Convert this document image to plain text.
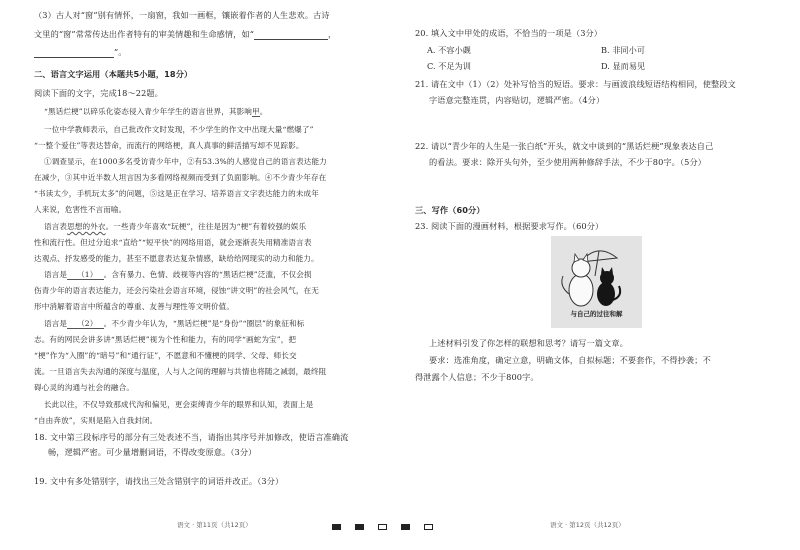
（3）古人对“窗”别有情怀，一扇窗，我如一画框，镶嵌着作者的人生悲欢。古诗
文里的“窗”常常传达出作者特有的审美情趣和生命感情，如“	，
”。
二、语言文字运用（本题共5小题，18分）
阅读下面的文字，完成18～22题。
“黑话烂梗”以碎乐化姿态侵入青少年学生的语言世界，其影响甲。
一位中学教师表示，自己批改作文时发现，不少学生的作文中出现大量“燃爆了”
“一整个爱住”等表达替命，而流行的网络梗，真人真事的鲜活描写却不见踪影。
①调查显示，在1000多名受访青少年中，②有53.3%的人感觉自己的语言表达能力
在减少，③其中近半数人坦言因为多看网络视频而受到了负面影响。④不少青少年存在
“书读太少，手机玩太多”的问题，⑤这是正在学习、培养语言文字表达能力的未成年
人来说，危害性不言而喻。
语言表思想的外衣。一些青少年喜欢“玩梗”，往往是因为“梗”有着较强的娱乐
性和流行性。但过分追求“直给”“短平快”的网络用语，就会逐渐丧失用精准语言表
达观点、抒发感受的能力，甚至不愿意表达复杂情感，缺给给网现实的动力和能力。
语言是 （1） 。含有暴力、色情、歧视等内容的“黑话烂梗”泛滥，不仅会损
伤青少年的语言表达能力，还会污染社会语言环境，侵蚀“讲文明”的社会风气，在无
形中消解着语言中所蕴含的尊重、友善与理性等文明价值。
语言是 （2） 。不少青少年认为，“黑话烂梗”是“身份”“圈层”的象征和标
志。有的网民会讲多讲“黑话烂梗”视为个性和能力，有的同学“画蛇为宝”，把
“梗”作为“入圈”的“暗号”和“通行证”，不愿意和不懂梗的同学、父母、师长交
流。一旦语言失去沟通的深度与温度，人与人之间的理解与共情也将随之减弱，最终阻
碍心灵的沟通与社会的融合。
长此以往，不仅导致那成代沟和偏见，更会束缚青少年的眼界和认知，表面上是
“自由奔放”，实则是陷入自我封闭。
18. 文中第三段标序号的部分有三处表述不当，请指出其序号并加修改，使语言准确流
畅，逻辑严密。可少量增删词语，不得改变原意。（3分）
19. 文中有多处错别字，请找出三处含错别字的词语并改正。（3分）
语文 · 第11页（共12页）
20. 填入文中甲处的成语，不恰当的一项是（3分）
A. 不容小觑	B. 非同小可
C. 不足为训	D. 显而易见
21. 请在文中（1）（2）处补写恰当的短语。要求：与画波浪线短语结构相同，使整段文
字语意完整连贯，内容贴切，逻辑严密。（4分）
22. 请以“青少年的人生是一张白纸”开头，就文中谈到的“黑话烂梗”现象表达自己
的看法。要求：除开头句外，至少使用两种修辞手法，不少于80字。（5分）
三、写作（60分）
23. 阅读下面的漫画材料，根据要求写作。（60分）
上述材料引发了你怎样的联想和思考？请写一篇文章。
要求：选准角度，确定立意，明确文体，自拟标题；不要套作，不得抄袭；不
得泄露个人信息；不少于800字。
语文 · 第12页（共12页）
与自己的过往和解
